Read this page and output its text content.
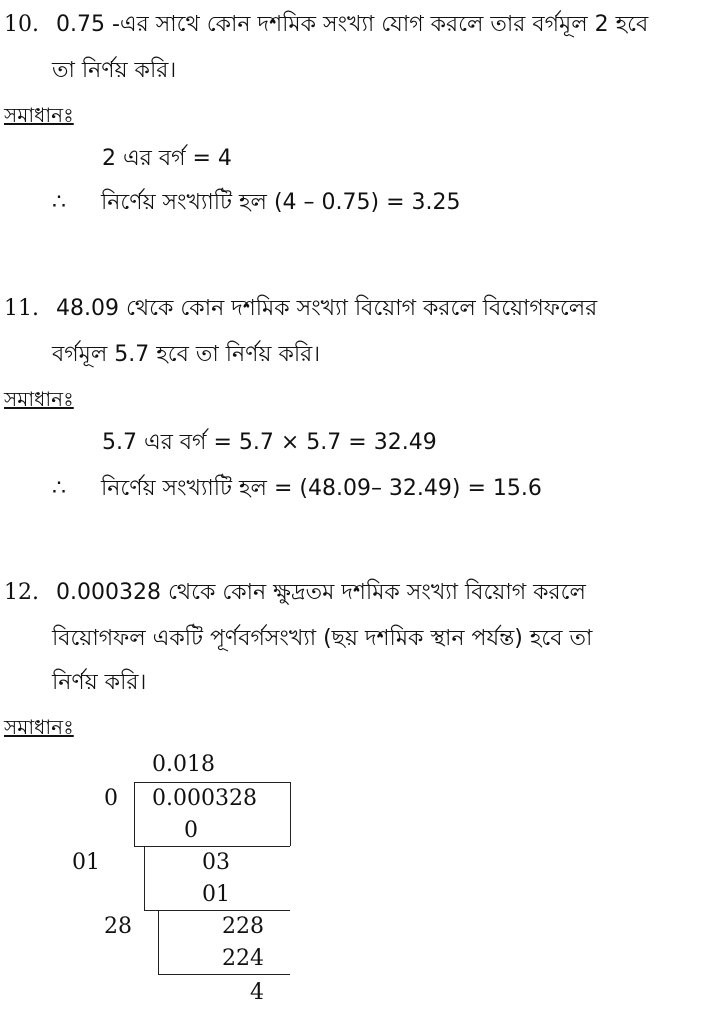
10. 0.75 -এর সাথে কোন দশমিক সংখ্যা যোগ করলে তার বর্গমূল 2 হবে
তা নির্ণয় করি।
সমাধানঃ
2 এর বর্গ = 4
∴ নির্ণেয় সংখ্যাটি হল (4 – 0.75) = 3.25
11. 48.09 থেকে কোন দশমিক সংখ্যা বিয়োগ করলে বিয়োগফলের
বর্গমূল 5.7 হবে তা নির্ণয় করি।
সমাধানঃ
5.7 এর বর্গ = 5.7 × 5.7 = 32.49
∴ নির্ণেয় সংখ্যাটি হল = (48.09– 32.49) = 15.6
12. 0.000328 থেকে কোন ক্ষুদ্রতম দশমিক সংখ্যা বিয়োগ করলে
বিয়োগফল একটি পূর্ণবর্গসংখ্যা (ছয় দশমিক স্থান পর্যন্ত) হবে তা
নির্ণয় করি।
সমাধানঃ
0.018
0 0.000328
0
01	03
01
28	228
224
4
